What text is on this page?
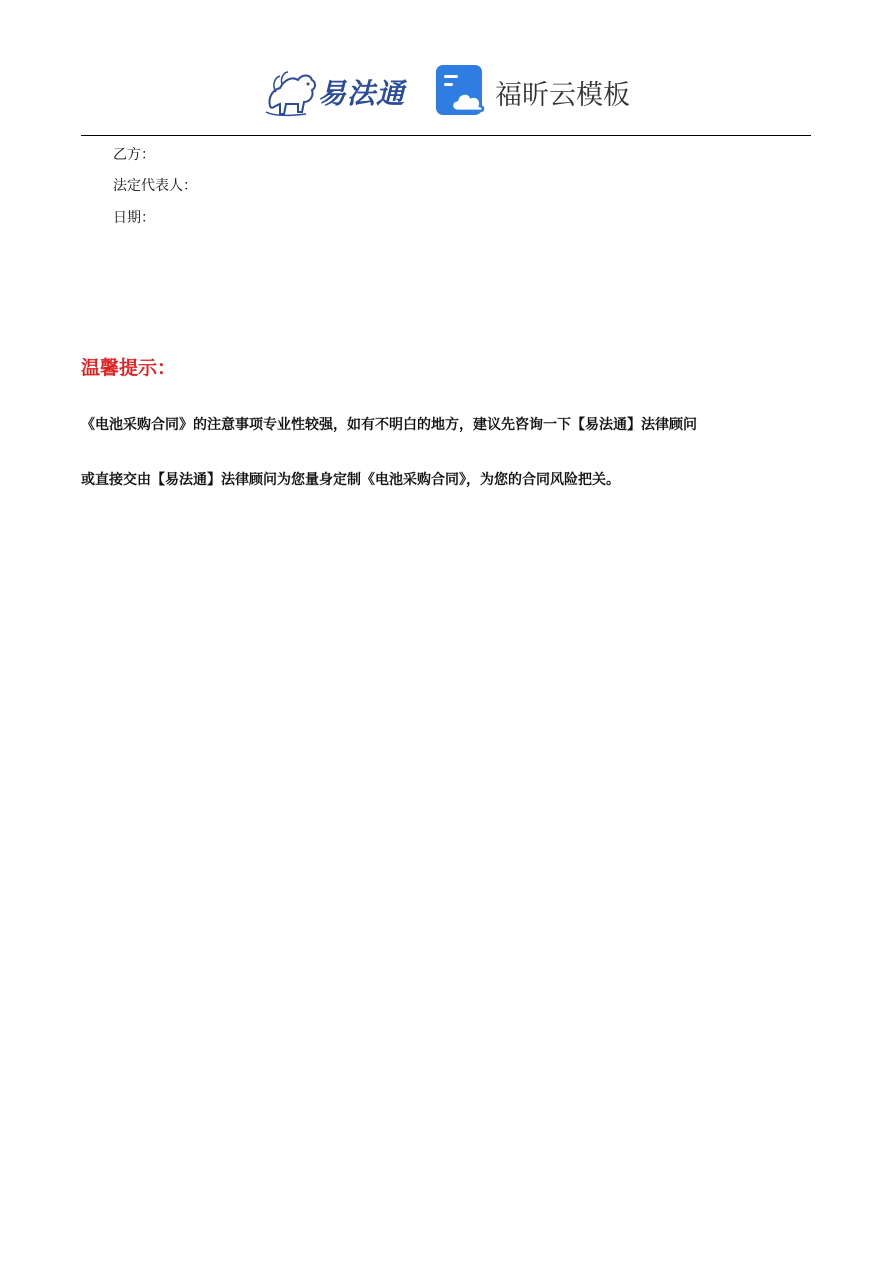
易法通	福昕云模板
乙方：
法定代表人：
日期：
温馨提示：
《电池采购合同》的注意事项专业性较强，如有不明白的地方，建议先咨询一下【易法通】法律顾问
或直接交由【易法通】法律顾问为您量身定制《电池采购合同》，为您的合同风险把关。
